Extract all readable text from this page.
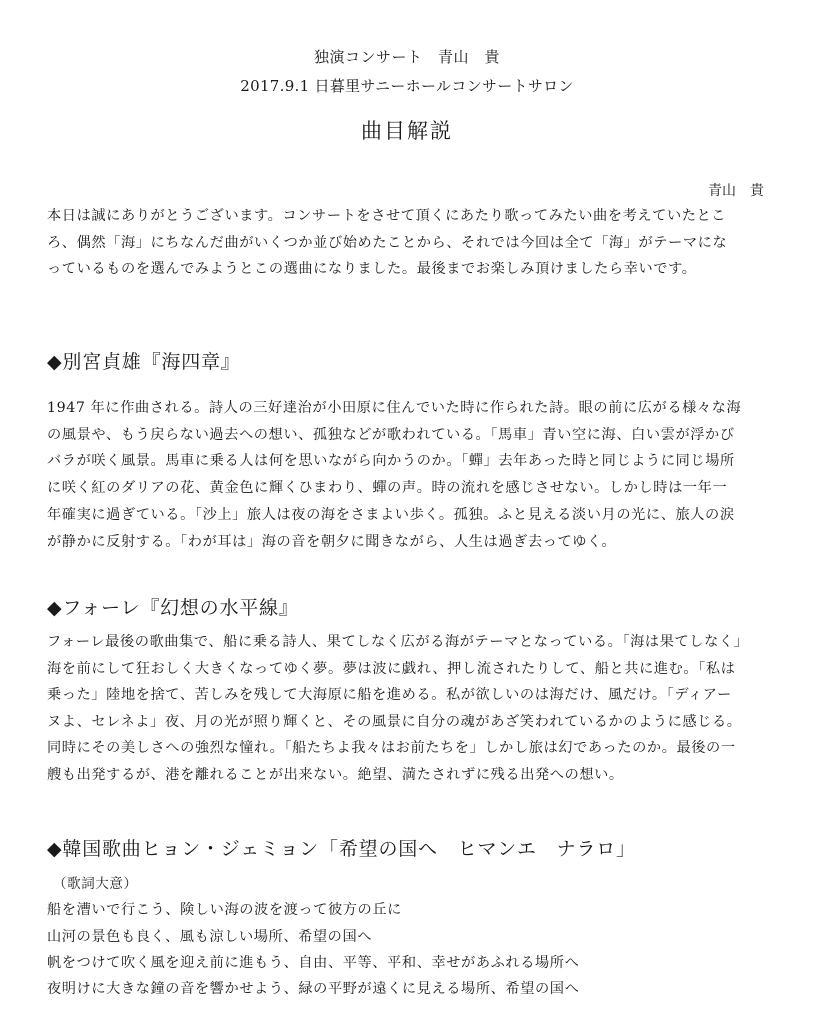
独演コンサート　青山　貴
2017.9.1 日暮里サニーホールコンサートサロン
曲目解説
青山　貴
本日は誠にありがとうございます。コンサートをさせて頂くにあたり歌ってみたい曲を考えていたとこ
ろ、偶然「海」にちなんだ曲がいくつか並び始めたことから、それでは今回は全て「海」がテーマにな
っているものを選んでみようとこの選曲になりました。最後までお楽しみ頂けましたら幸いです。
◆別宮貞雄『海四章』
1947 年に作曲される。詩人の三好達治が小田原に住んでいた時に作られた詩。眼の前に広がる様々な海
の風景や、もう戻らない過去への想い、孤独などが歌われている。「馬車」青い空に海、白い雲が浮かび
バラが咲く風景。馬車に乗る人は何を思いながら向かうのか。「蟬」去年あった時と同じように同じ場所
に咲く紅のダリアの花、黄金色に輝くひまわり、蟬の声。時の流れを感じさせない。しかし時は一年一
年確実に過ぎている。「沙上」旅人は夜の海をさまよい歩く。孤独。ふと見える淡い月の光に、旅人の涙
が静かに反射する。「わが耳は」海の音を朝夕に聞きながら、人生は過ぎ去ってゆく。
◆フォーレ『幻想の水平線』
フォーレ最後の歌曲集で、船に乗る詩人、果てしなく広がる海がテーマとなっている。「海は果てしなく」
海を前にして狂おしく大きくなってゆく夢。夢は波に戯れ、押し流されたりして、船と共に進む。「私は
乗った」陸地を捨て、苦しみを残して大海原に船を進める。私が欲しいのは海だけ、風だけ。「ディアー
ヌよ、セレネよ」夜、月の光が照り輝くと、その風景に自分の魂があざ笑われているかのように感じる。
同時にその美しさへの強烈な憧れ。「船たちよ我々はお前たちを」しかし旅は幻であったのか。最後の一
艘も出発するが、港を離れることが出来ない。絶望、満たされずに残る出発への想い。
◆韓国歌曲ヒョン・ジェミョン「希望の国へ　ヒマンエ　ナラロ」
（歌詞大意）
船を漕いで行こう、険しい海の波を渡って彼方の丘に
山河の景色も良く、風も涼しい場所、希望の国へ
帆をつけて吹く風を迎え前に進もう、自由、平等、平和、幸せがあふれる場所へ
夜明けに大きな鐘の音を響かせよう、緑の平野が遠くに見える場所、希望の国へ
